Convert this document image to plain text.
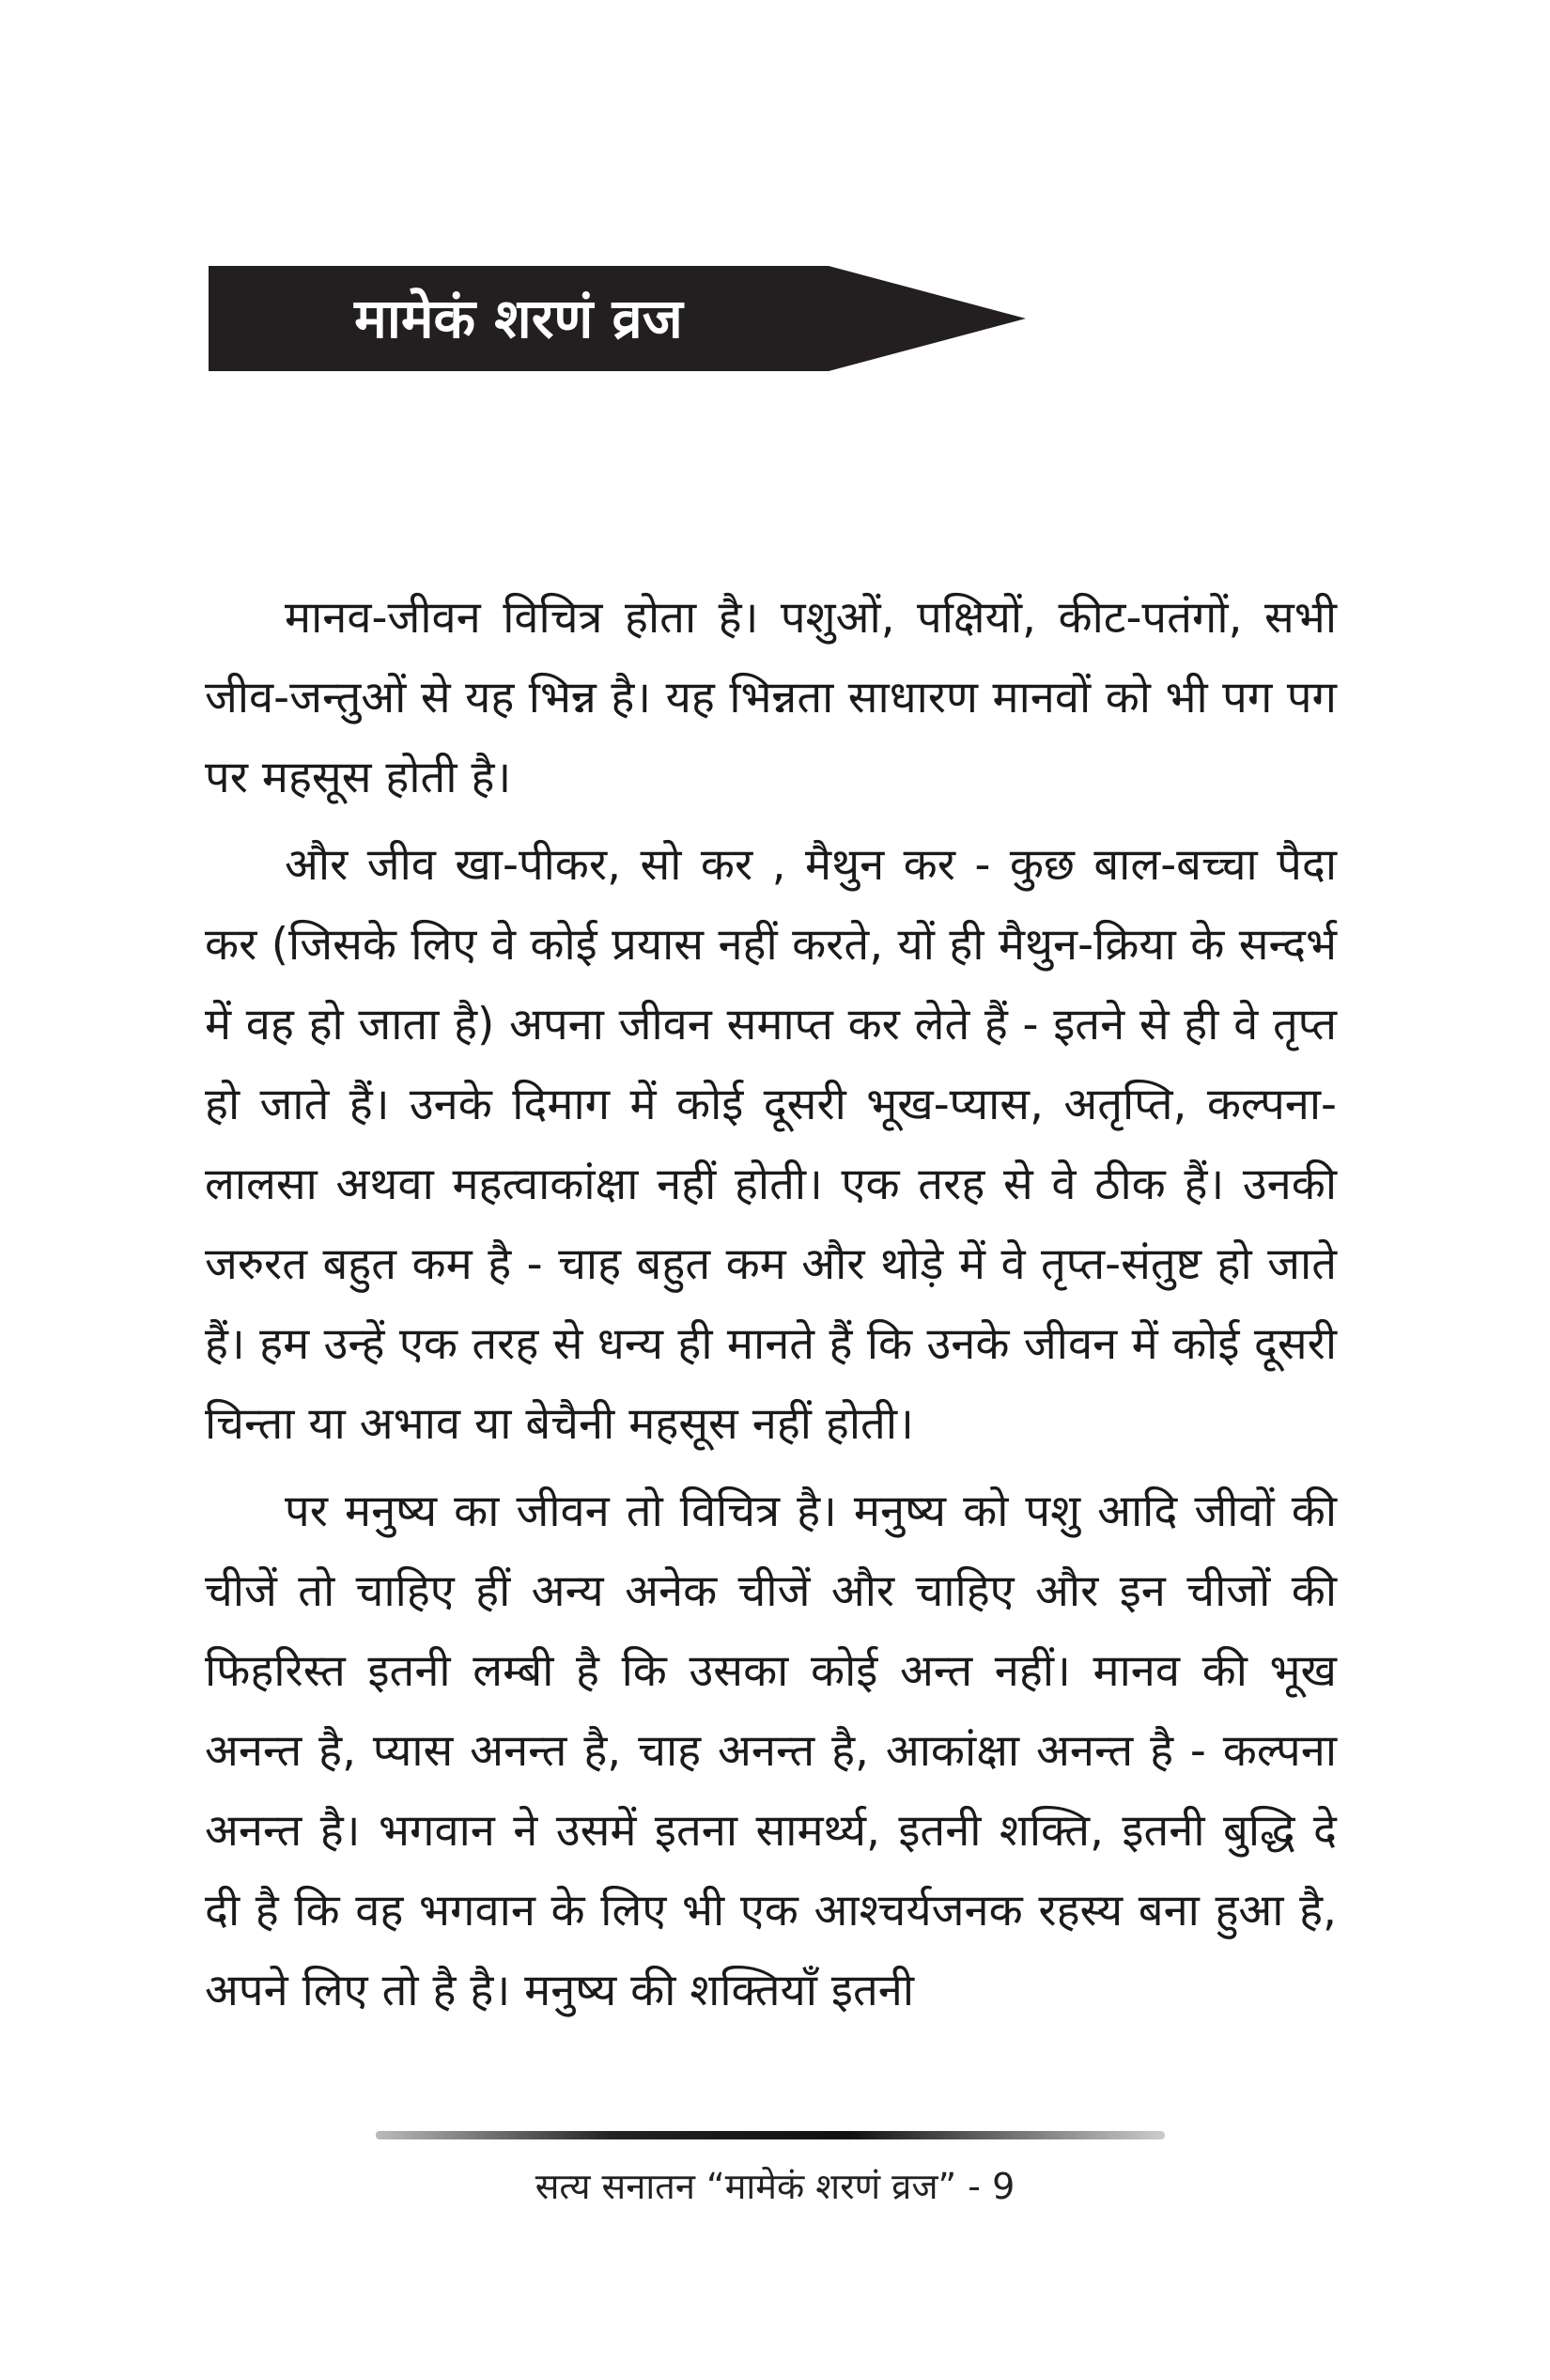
मामेकं शरणं व्रज

मानव-जीवन विचित्र होता है। पशुओं, पक्षियों, कीट-पतंगों, सभी जीव-जन्तुओं से यह भिन्न है। यह भिन्नता साधारण मानवों को भी पग पग पर महसूस होती है।

और जीव खा-पीकर, सो कर , मैथुन कर - कुछ बाल-बच्चा पैदा कर (जिसके लिए वे कोई प्रयास नहीं करते, यों ही मैथुन-क्रिया के सन्दर्भ में वह हो जाता है) अपना जीवन समाप्त कर लेते हैं - इतने से ही वे तृप्त हो जाते हैं। उनके दिमाग में कोई दूसरी भूख-प्यास, अतृप्ति, कल्पना-लालसा अथवा महत्वाकांक्षा नहीं होती। एक तरह से वे ठीक हैं। उनकी जरुरत बहुत कम है - चाह बहुत कम और थोड़े में वे तृप्त-संतुष्ट हो जाते हैं। हम उन्हें एक तरह से धन्य ही मानते हैं कि उनके जीवन में कोई दूसरी चिन्ता या अभाव या बेचैनी महसूस नहीं होती।

पर मनुष्य का जीवन तो विचित्र है। मनुष्य को पशु आदि जीवों की चीजें तो चाहिए हीं अन्य अनेक चीजें और चाहिए और इन चीजों की फिहरिस्त इतनी लम्बी है कि उसका कोई अन्त नहीं। मानव की भूख अनन्त है, प्यास अनन्त है, चाह अनन्त है, आकांक्षा अनन्त है - कल्पना अनन्त है। भगवान ने उसमें इतना सामर्थ्य, इतनी शक्ति, इतनी बुद्धि दे दी है कि वह भगवान के लिए भी एक आश्चर्यजनक रहस्य बना हुआ है, अपने लिए तो है है। मनुष्य की शक्तियाँ इतनी

सत्य सनातन “मामेकं शरणं व्रज” - 9
